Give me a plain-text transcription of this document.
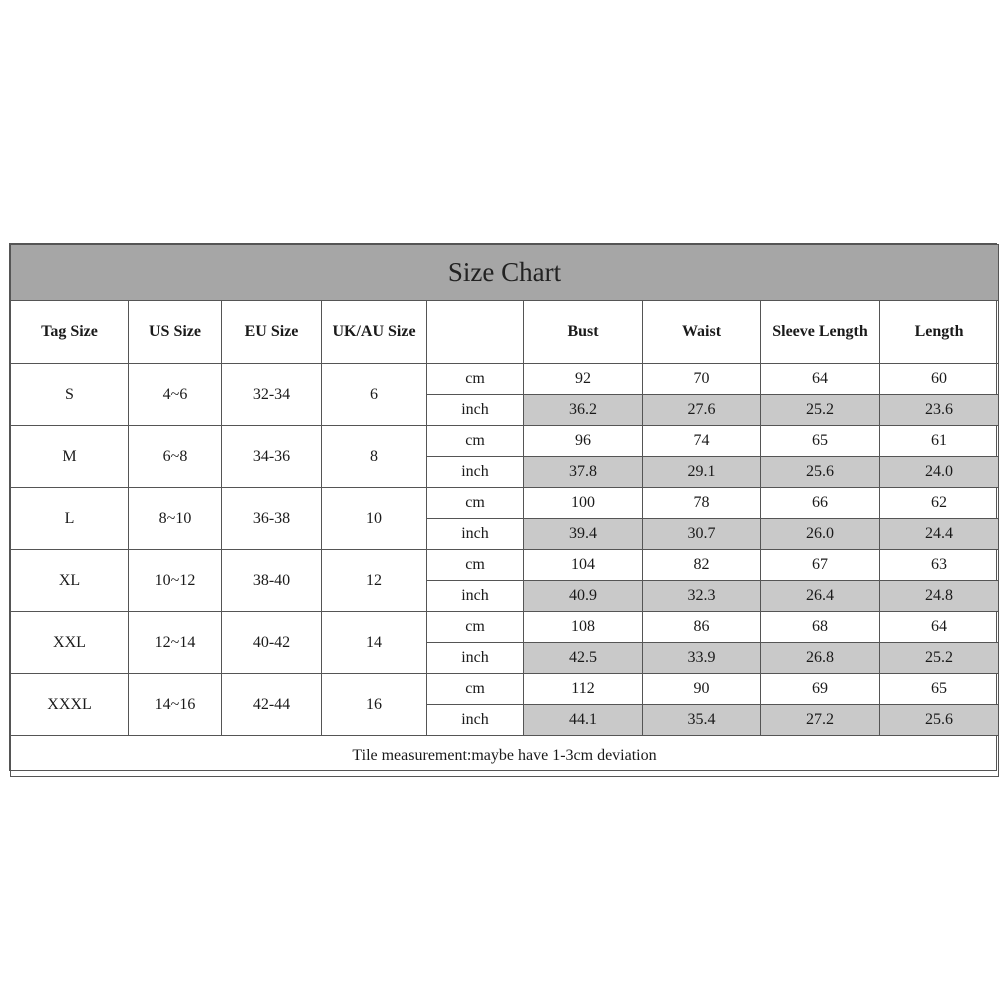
Size Chart								
Tag Size	US Size	EU Size	UK/AU Size		Bust	Waist	Sleeve Length	Length
S	4~6	32-34	6	cm	92	70	64	60
				inch	36.2	27.6	25.2	23.6
M	6~8	34-36	8	cm	96	74	65	61
				inch	37.8	29.1	25.6	24.0
L	8~10	36-38	10	cm	100	78	66	62
				inch	39.4	30.7	26.0	24.4
XL	10~12	38-40	12	cm	104	82	67	63
				inch	40.9	32.3	26.4	24.8
XXL	12~14	40-42	14	cm	108	86	68	64
				inch	42.5	33.9	26.8	25.2
XXXL	14~16	42-44	16	cm	112	90	69	65
				inch	44.1	35.4	27.2	25.6
Tile measurement:maybe have 1-3cm deviation								
